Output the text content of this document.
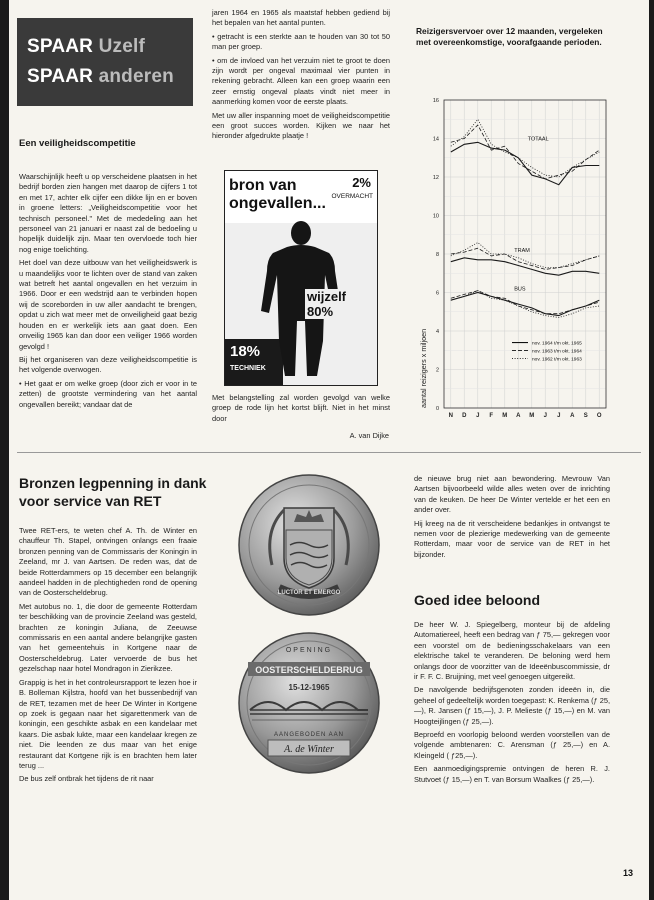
SPAAR Uzelf
SPAAR anderen
Een veiligheidscompetitie

Waarschijnlijk heeft u op verscheidene plaatsen in het bedrijf borden zien hangen met daarop de cijfers 1 tot en met 17, achter elk cijfer een dikke lijn en er boven in groene letters: „Veiligheidscompetitie voor het technisch personeel." Met de mededeling aan het personeel van 21 januari er naast zal de bedoeling u hopelijk duidelijk zijn. Maar ten overvloede toch hier nog enige toelichting.

Het doel van deze uitbouw van het veiligheidswerk is u maandelijks voor te lichten over de stand van zaken wat betreft het aantal ongevallen en het verzuim in 1966. Door er een wedstrijd aan te verbinden hopen wij de scoreborden in uw aller aandacht te brengen, opdat u zich wat meer met de onveiligheid gaat bezig houden en er werkelijk iets aan gaat doen. Een onveilig 1965 kan dan door een veiliger 1966 worden gevolgd !

Bij het organiseren van deze veiligheidscompetitie is het volgende overwogen.

• Het gaat er om welke groep (door zich er voor in te zetten) de grootste vermindering van het aantal ongevallen bereikt; vandaar dat de

jaren 1964 en 1965 als maatstaf hebben gediend bij het bepalen van het aantal punten.

• getracht is een sterkte aan te houden van 30 tot 50 man per groep.

• om de invloed van het verzuim niet te groot te doen zijn wordt per ongeval maximaal vier punten in rekening gebracht. Alleen kan een groep waarin een zeer ernstig ongeval plaats vindt niet meer in aanmerking komen voor de eerste plaats.

Met uw aller inspanning moet de veiligheidscompetitie een groot succes worden. Kijken we naar het hieronder afgedrukte plaatje !

bron van
ongevallen...
2%
OVERMACHT
wijzelf 80%
18%
TECHNIEK
Met belangstelling zal worden gevolgd van welke groep de rode lijn het kortst blijft. Niet in het minst door
A. van Dijke
Reizigersvervoer over 12 maanden, vergeleken met overeenkomstige, voorafgaande perioden.
0
2
4
6
8
10
12
14
16
N D J F M A M J J A S O
aantal reizigers x miljoen
TOTAAL
TRAM
BUS
nov. 1964 t/m okt. 1965
nov. 1963 t/m okt. 1964
nov. 1962 t/m okt. 1963
Bronzen legpenning in dank
voor service van RET

Twee RET-ers, te weten chef A. Th. de Winter en chauffeur Th. Stapel, ontvingen onlangs een fraaie bronzen penning van de Commissaris der Koningin in Zeeland, mr J. van Aartsen. De reden was, dat de beide Rotterdammers op 15 december een belangrijk aandeel hadden in de plechtigheden rond de opening van de Oosterscheldebrug.

Met autobus no. 1, die door de gemeente Rotterdam ter beschikking van de provincie Zeeland was gesteld, brachten ze koningin Juliana, de Zeeuwse commissaris en een aantal andere belangrijke gasten van het gemeentehuis in Kortgene naar de Oosterscheldebrug. Later vervoerde de bus het gezelschap naar hotel Mondragon in Zierikzee.

Grappig is het in het controleursrapport te lezen hoe ir B. Bolleman Kijlstra, hoofd van het bussenbedrijf van de RET, tezamen met de heer De Winter in Kortgene op zoek is gegaan naar het sigarettenmerk van de koningin, een geschikte asbak en een kandelaar met kaars. Die asbak lukte, maar een kandelaar kregen ze niet. Die leenden ze dus maar van het enige restaurant dat Kortgene rijk is en brachten hem later terug ...

De bus zelf ontbrak het tijdens de rit naar

LUCTOR ET EMERGO
OPENING
OOSTERSCHELDEBRUG
15-12-1965
AANGEBODEN AAN
A. de Winter

de nieuwe brug niet aan bewondering. Mevrouw Van Aartsen bijvoorbeeld wilde alles weten over de inrichting van de keuken. De heer De Winter vertelde er het een en ander over.

Hij kreeg na de rit verscheidene bedankjes in ontvangst te nemen voor de plezierige medewerking van de gemeente Rotterdam, maar voor de service van de RET in het bijzonder.

Goed idee beloond

De heer W. J. Spiegelberg, monteur bij de afdeling Automatiereel, heeft een bedrag van ƒ 75,— gekregen voor een voorstel om de bedieningsschakelaars van een elektrische takel te veranderen. De beloning werd hem onlangs door de voorzitter van de Ideeënbuscommissie, dr ir F. F. C. Bruijning, met veel genoegen uitgereikt.

De navolgende bedrijfsgenoten zonden ideeën in, die geheel of gedeeltelijk worden toegepast: K. Renkema (ƒ 25,—), R. Jansen (ƒ 15,—), J. P. Melieste (ƒ 15,—) en M. van Hoogteijlingen (ƒ 25,—).

Beproefd en voorlopig beloond werden voorstellen van de volgende ambtenaren: C. Arensman (ƒ 25,—) en A. Kleingeld ( ƒ25,—).

Een aanmoedigingspremie ontvingen de heren R. J. Stutvoet (ƒ 15,—) en T. van Borsum Waalkes (ƒ 25,—).

13
